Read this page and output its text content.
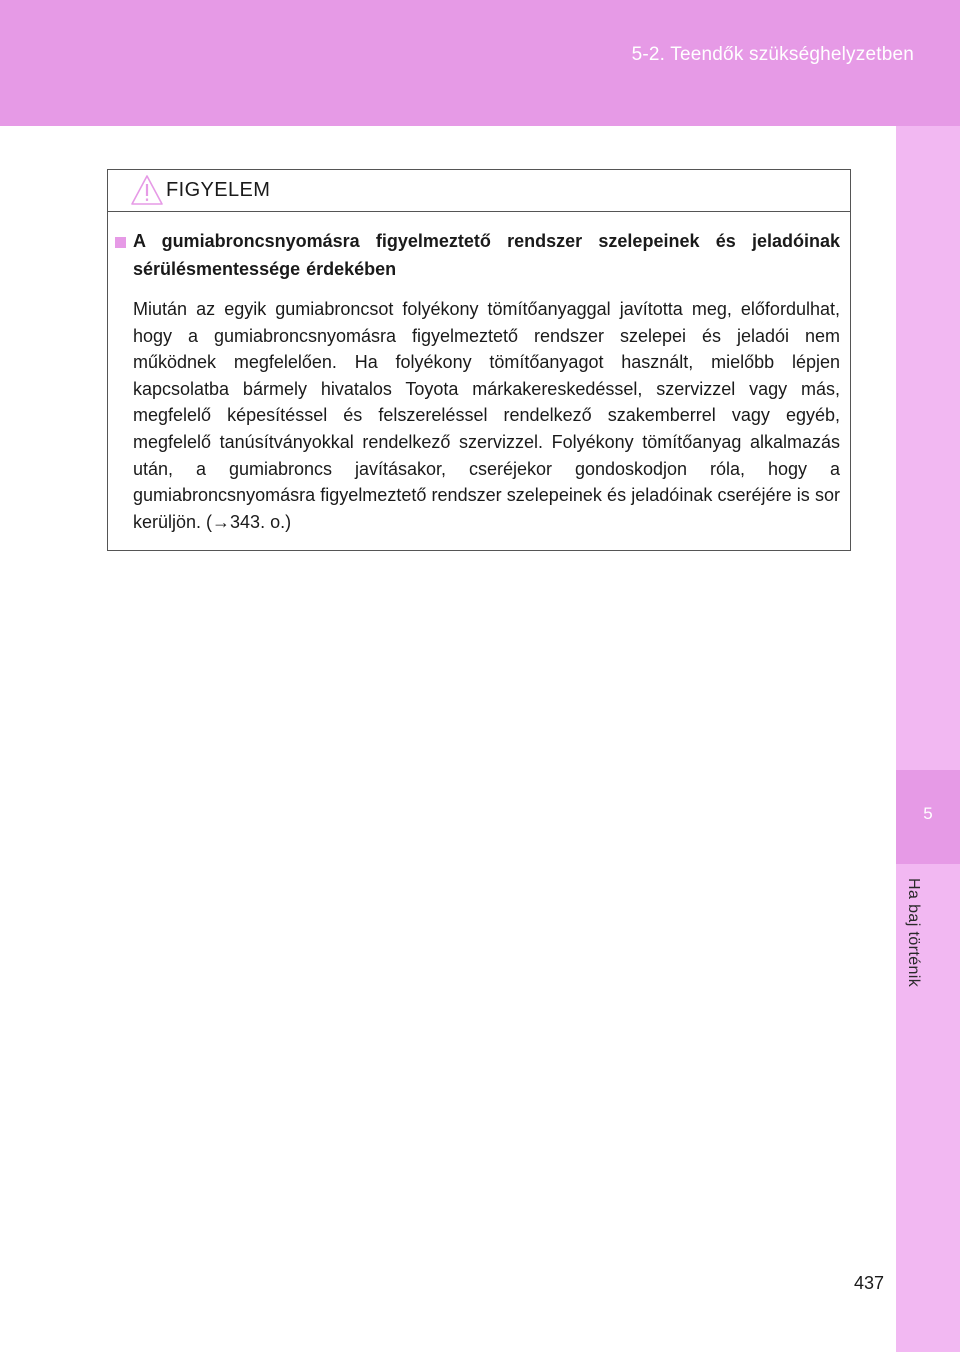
5-2. Teendők szükséghelyzetben
5
Ha baj történik
FIGYELEM

A gumiabroncsnyomásra figyelmeztető rendszer szelepeinek és jeladóinak sérülésmentessége érdekében

Miután az egyik gumiabroncsot folyékony tömítőanyaggal javította meg, előfordulhat, hogy a gumiabroncsnyomásra figyelmeztető rendszer szelepei és jeladói nem működnek megfelelően. Ha folyékony tömítőanyagot használt, mielőbb lépjen kapcsolatba bármely hivatalos Toyota márkakereskedéssel, szervizzel vagy más, megfelelő képesítéssel és felszereléssel rendelkező szakemberrel vagy egyéb, megfelelő tanúsítványokkal rendelkező szervizzel. Folyékony tömítőanyag alkalmazás után, a gumiabroncs javításakor, cseréjekor gondoskodjon róla, hogy a gumiabroncsnyomásra figyelmeztető rendszer szelepeinek és jeladóinak cseréjére is sor kerüljön. (→343. o.)

437
